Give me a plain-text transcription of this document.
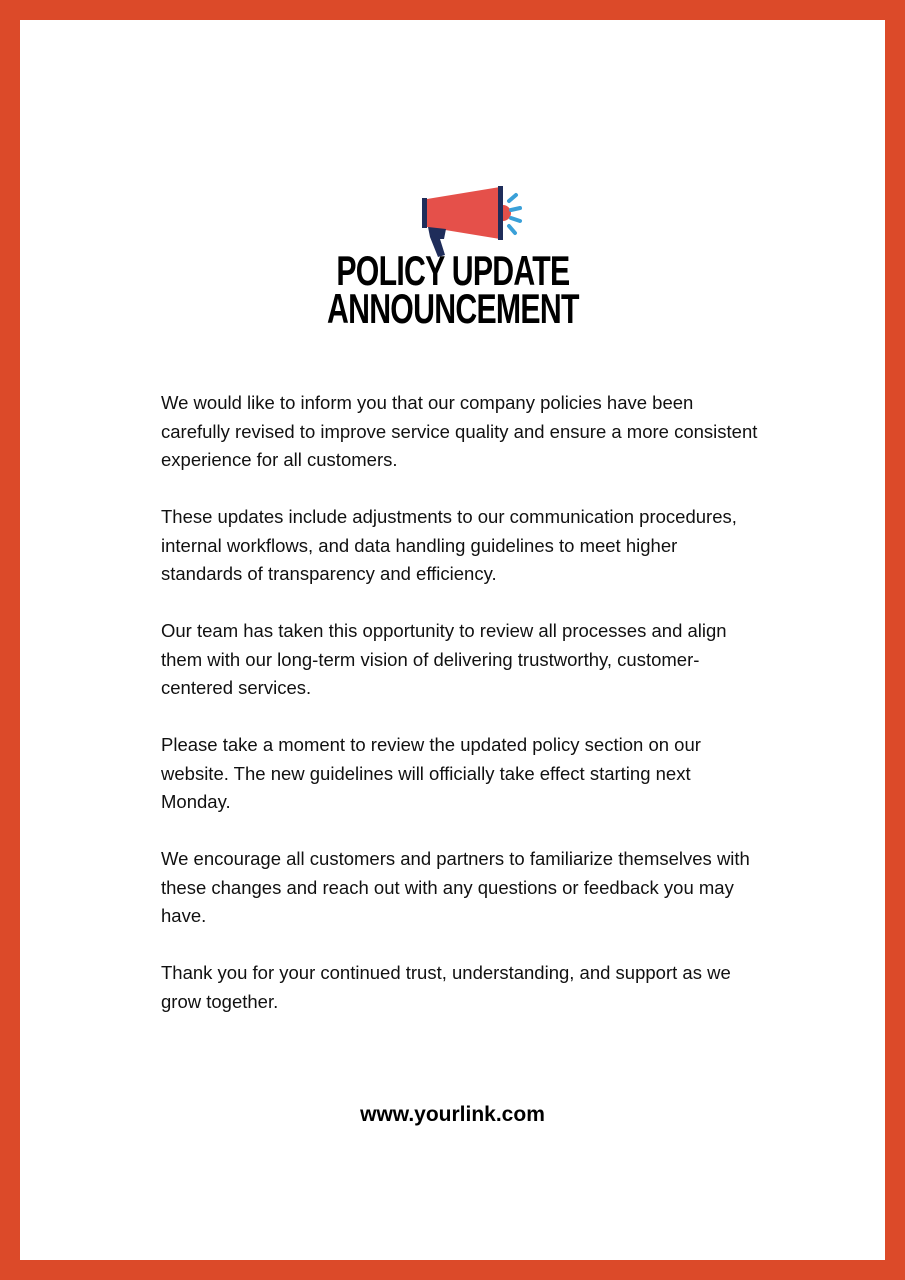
POLICY UPDATE
ANNOUNCEMENT

We would like to inform you that our company policies have been carefully revised to improve service quality and ensure a more consistent experience for all customers.

These updates include adjustments to our communication procedures, internal workflows, and data handling guidelines to meet higher standards of transparency and efficiency.

Our team has taken this opportunity to review all processes and align them with our long-term vision of delivering trustworthy, customer-centered services.

Please take a moment to review the updated policy section on our website. The new guidelines will officially take effect starting next Monday.

We encourage all customers and partners to familiarize themselves with these changes and reach out with any questions or feedback you may have.

Thank you for your continued trust, understanding, and support as we grow together.

www.yourlink.com
